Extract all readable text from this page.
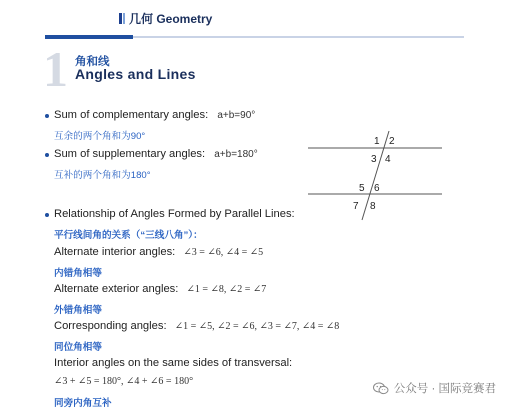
几何 Geometry
1 角和线
Angles and Lines
Sum of complementary angles: a+b=90°
互余的两个角和为90°
Sum of supplementary angles: a+b=180°
互补的两个角和为180°
1 2
3 4
5 6
7 8
Relationship of Angles Formed by Parallel Lines:
平行线间角的关系（“三线八角”）：
Alternate interior angles: ∠3 = ∠6, ∠4 = ∠5
内错角相等
Alternate exterior angles: ∠1 = ∠8, ∠2 = ∠7
外错角相等
Corresponding angles: ∠1 = ∠5, ∠2 = ∠6, ∠3 = ∠7, ∠4 = ∠8
同位角相等
Interior angles on the same sides of transversal:
∠3 + ∠5 = 180°, ∠4 + ∠6 = 180°
同旁内角互补
公众号 · 国际竞赛君
